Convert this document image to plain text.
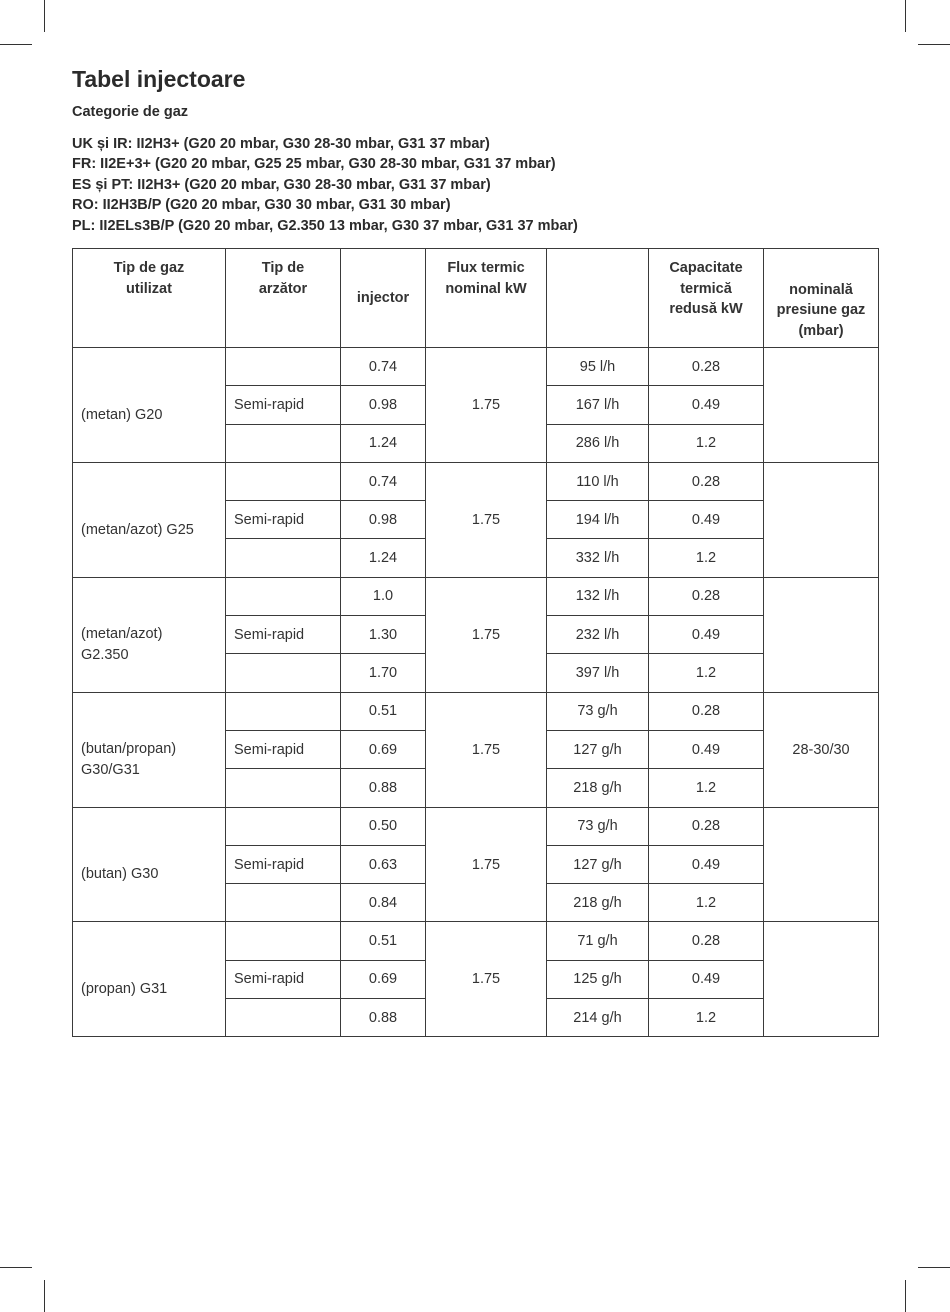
Tabel injectoare

Categorie de gaz

UK și IR: II2H3+ (G20 20 mbar, G30 28-30 mbar, G31 37 mbar)
FR: II2E+3+ (G20 20 mbar, G25 25 mbar, G30 28-30 mbar, G31 37 mbar)
ES și PT: II2H3+ (G20 20 mbar, G30 28-30 mbar, G31 37 mbar)
RO: II2H3B/P (G20 20 mbar, G30 30 mbar, G31 30 mbar)
PL: II2ELs3B/P (G20 20 mbar, G2.350 13 mbar, G30 37 mbar, G31 37 mbar)
Tip de gaz utilizat	Tip de arzător	injector	Flux termic nominal kW		Capacitate termică redusă kW	nominală presiune gaz (mbar)

(metan) G20		0.74		95 l/h	0.28	
	Semi-rapid	0.98	1.75	167 l/h	0.49	
		1.24		286 l/h	1.2	

(metan/azot) G25		0.74		110 l/h	0.28	
	Semi-rapid	0.98	1.75	194 l/h	0.49	
		1.24		332 l/h	1.2	

(metan/azot) G2.350		1.0		132 l/h	0.28	
	Semi-rapid	1.30	1.75	232 l/h	0.49	
		1.70		397 l/h	1.2	

(butan/propan) G30/G31		0.51		73 g/h	0.28	28-30/30
	Semi-rapid	0.69	1.75	127 g/h	0.49	
		0.88		218 g/h	1.2	

(butan) G30		0.50		73 g/h	0.28	
	Semi-rapid	0.63	1.75	127 g/h	0.49	
		0.84		218 g/h	1.2	

(propan) G31		0.51		71 g/h	0.28	
	Semi-rapid	0.69	1.75	125 g/h	0.49	
		0.88		214 g/h	1.2	
